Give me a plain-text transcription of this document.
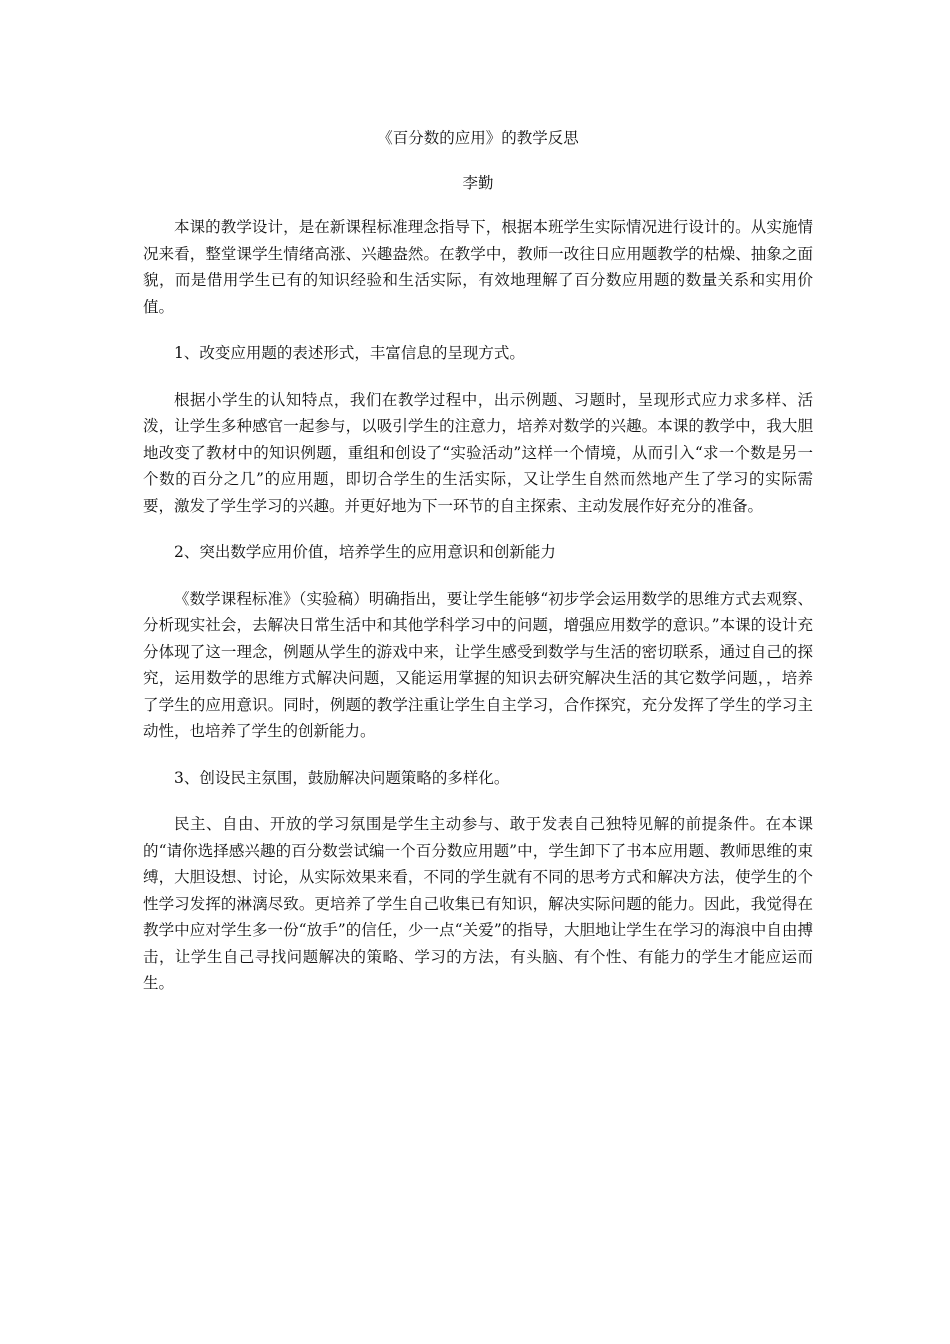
《百分数的应用》的教学反思
李勤

本课的教学设计，是在新课程标准理念指导下，根据本班学生实际情况进行设计的。从实施情况来看，整堂课学生情绪高涨、兴趣盎然。在教学中，教师一改往日应用题教学的枯燥、抽象之面貌，而是借用学生已有的知识经验和生活实际，有效地理解了百分数应用题的数量关系和实用价值。

1、改变应用题的表述形式，丰富信息的呈现方式。

根据小学生的认知特点，我们在教学过程中，出示例题、习题时，呈现形式应力求多样、活泼，让学生多种感官一起参与，以吸引学生的注意力，培养对数学的兴趣。本课的教学中，我大胆地改变了教材中的知识例题，重组和创设了“实验活动”这样一个情境，从而引入“求一个数是另一个数的百分之几”的应用题，即切合学生的生活实际，又让学生自然而然地产生了学习的实际需要，激发了学生学习的兴趣。并更好地为下一环节的自主探索、主动发展作好充分的准备。

2、突出数学应用价值，培养学生的应用意识和创新能力

《数学课程标准》（实验稿）明确指出，要让学生能够“初步学会运用数学的思维方式去观察、分析现实社会，去解决日常生活中和其他学科学习中的问题，增强应用数学的意识。”本课的设计充分体现了这一理念，例题从学生的游戏中来，让学生感受到数学与生活的密切联系，通过自己的探究，运用数学的思维方式解决问题，又能运用掌握的知识去研究解决生活的其它数学问题，，培养了学生的应用意识。同时，例题的教学注重让学生自主学习，合作探究，充分发挥了学生的学习主动性，也培养了学生的创新能力。

3、创设民主氛围，鼓励解决问题策略的多样化。

民主、自由、开放的学习氛围是学生主动参与、敢于发表自己独特见解的前提条件。在本课的“请你选择感兴趣的百分数尝试编一个百分数应用题”中，学生卸下了书本应用题、教师思维的束缚，大胆设想、讨论，从实际效果来看，不同的学生就有不同的思考方式和解决方法，使学生的个性学习发挥的淋漓尽致。更培养了学生自己收集已有知识，解决实际问题的能力。因此，我觉得在教学中应对学生多一份“放手”的信任，少一点“关爱”的指导，大胆地让学生在学习的海浪中自由搏击，让学生自己寻找问题解决的策略、学习的方法，有头脑、有个性、有能力的学生才能应运而生。
